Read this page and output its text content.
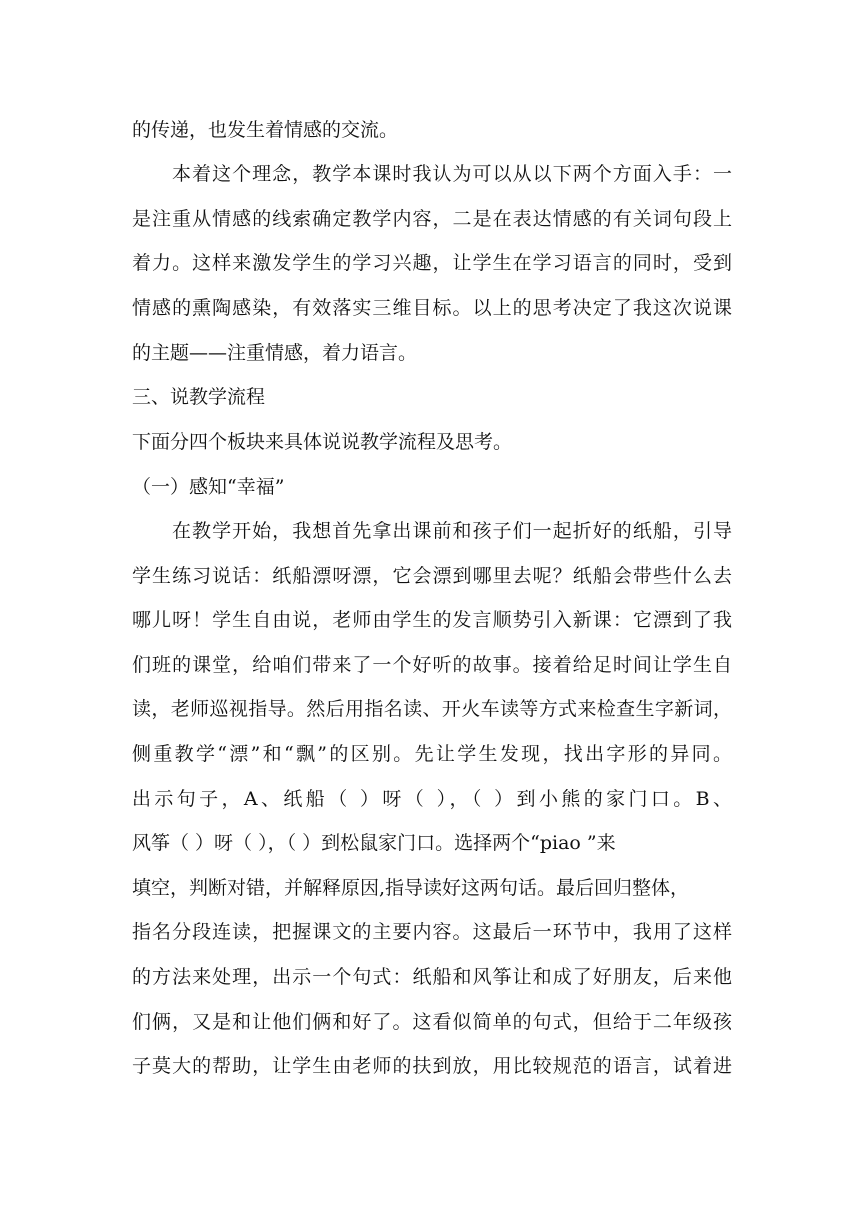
的传递，也发生着情感的交流。
本着这个理念，教学本课时我认为可以从以下两个方面入手：一
是注重从情感的线索确定教学内容，二是在表达情感的有关词句段上
着力。这样来激发学生的学习兴趣，让学生在学习语言的同时，受到
情感的熏陶感染，有效落实三维目标。以上的思考决定了我这次说课
的主题——注重情感，着力语言。
三、说教学流程
下面分四个板块来具体说说教学流程及思考。
（一）感知“幸福”
在教学开始，我想首先拿出课前和孩子们一起折好的纸船，引导
学生练习说话：纸船漂呀漂，它会漂到哪里去呢？纸船会带些什么去
哪儿呀！学生自由说，老师由学生的发言顺势引入新课：它漂到了我
们班的课堂，给咱们带来了一个好听的故事。接着给足时间让学生自
读，老师巡视指导。然后用指名读、开火车读等方式来检查生字新词，
侧重教学“漂”和“飘”的区别。先让学生发现，找出字形的异同。
出示句子，A、纸船（ ）呀（ ），（ ）到小熊的家门口。B、
风筝（ ）呀（ ），（ ）到松鼠家门口。选择两个“piao ”来
填空，判断对错，并解释原因,指导读好这两句话。最后回归整体，
指名分段连读，把握课文的主要内容。这最后一环节中，我用了这样
的方法来处理，出示一个句式：纸船和风筝让和成了好朋友，后来他
们俩，又是和让他们俩和好了。这看似简单的句式，但给于二年级孩
子莫大的帮助，让学生由老师的扶到放，用比较规范的语言，试着进
